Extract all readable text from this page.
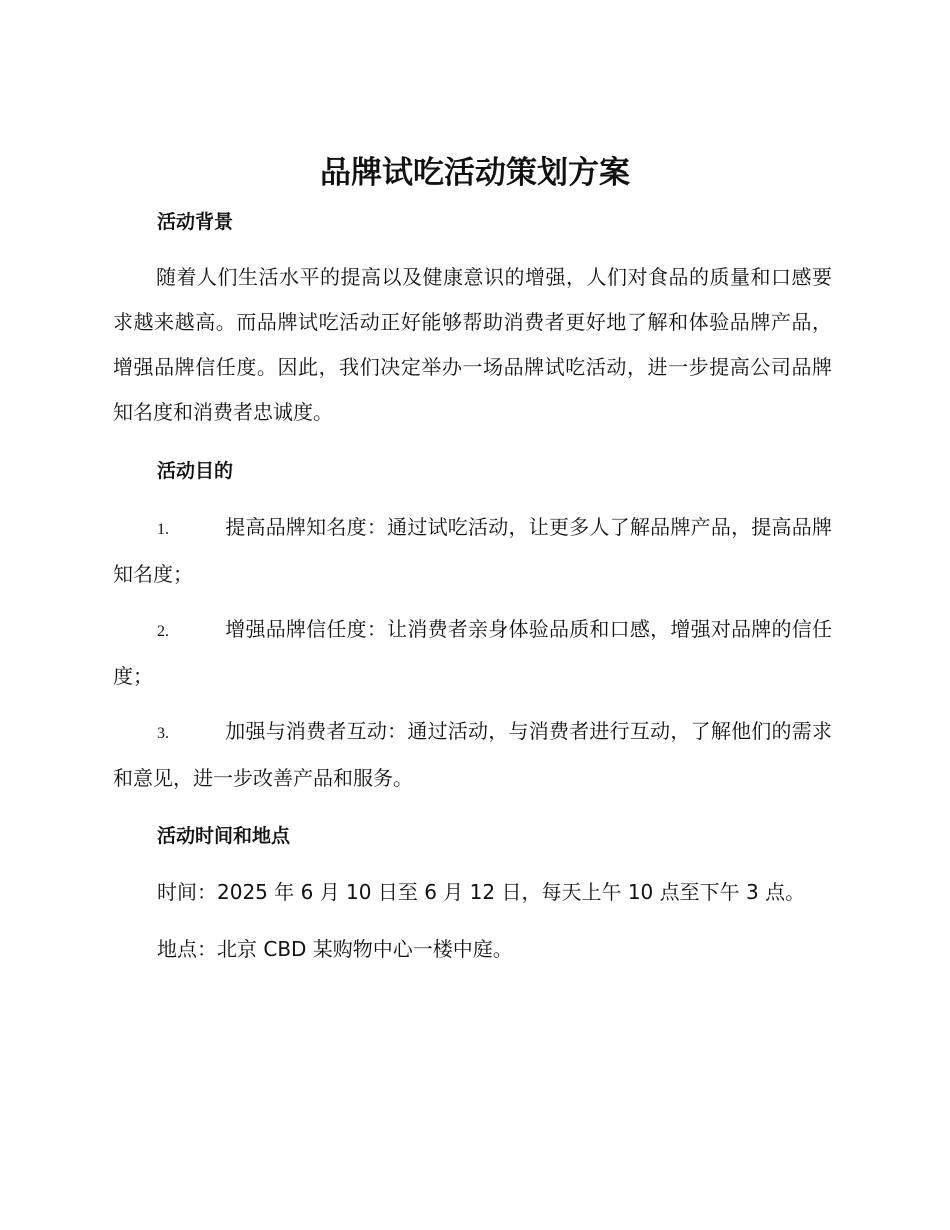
品牌试吃活动策划方案
活动背景

随着人们生活水平的提高以及健康意识的增强，人们对食品的质量和口感要求越来越高。而品牌试吃活动正好能够帮助消费者更好地了解和体验品牌产品，增强品牌信任度。因此，我们决定举办一场品牌试吃活动，进一步提高公司品牌知名度和消费者忠诚度。

活动目的

1.	提高品牌知名度：通过试吃活动，让更多人了解品牌产品，提高品牌知名度；

2.	增强品牌信任度：让消费者亲身体验品质和口感，增强对品牌的信任度；

3.	加强与消费者互动：通过活动，与消费者进行互动，了解他们的需求和意见，进一步改善产品和服务。

活动时间和地点

时间：2025 年 6 月 10 日至 6 月 12 日，每天上午 10 点至下午 3 点。

地点：北京 CBD 某购物中心一楼中庭。
